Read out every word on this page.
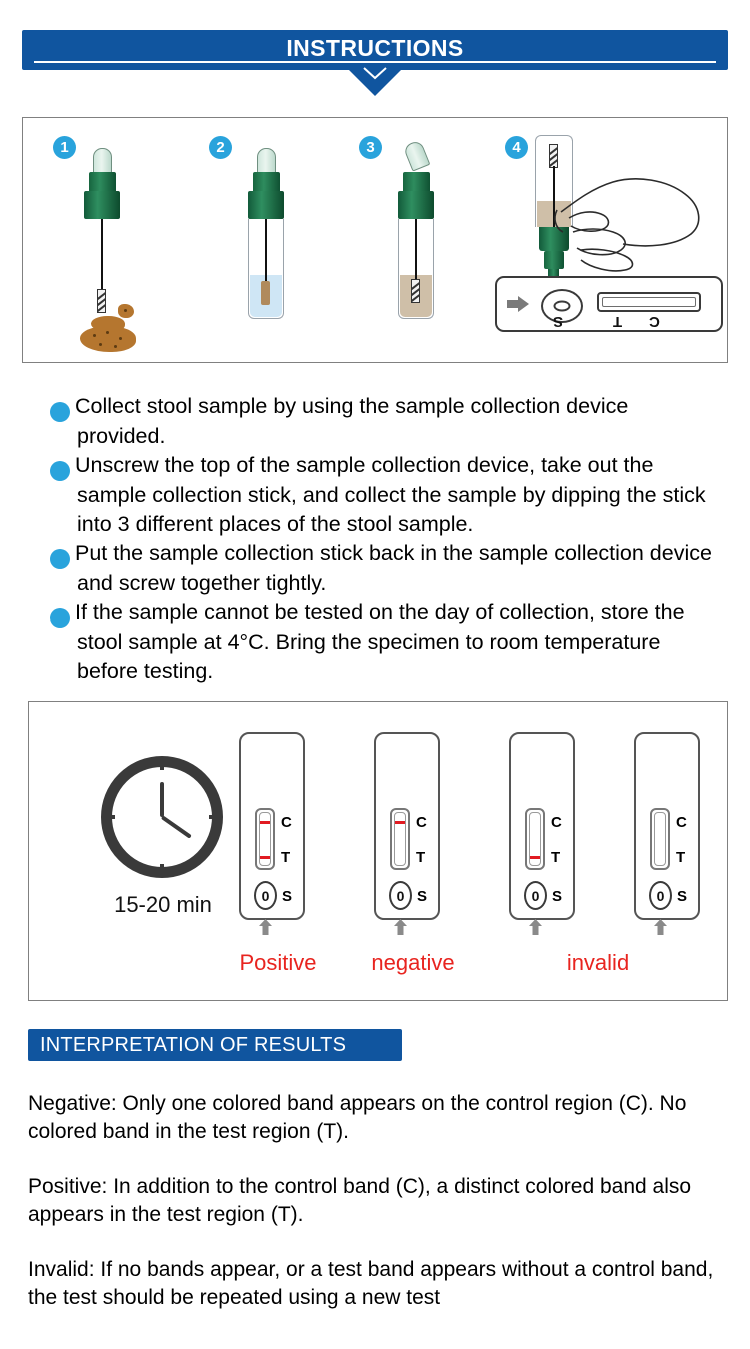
INSTRUCTIONS
1	2	3	4
S	T C

1 Collect stool sample by using the sample collection device provided.

2 Unscrew the top of the sample collection device, take out the sample collection stick, and collect the sample by dipping the stick into 3 different places of the stool sample.

3 Put the sample collection stick back in the sample collection device and screw together tightly.

4 If the sample cannot be tested on the day of collection, store the stool sample at 4°C. Bring the specimen to room temperature before testing.

15-20 min
C
T
0 S
C
T
0 S
C
T
0 S
C
T
0 S
Positive	negative	invalid
INTERPRETATION OF RESULTS
Negative: Only one colored band appears on the control region (C). No colored band in the test region (T).
Positive: In addition to the control band (C), a distinct colored band also appears in the test region (T).
Invalid: If no bands appear, or a test band appears without a control band, the test should be repeated using a new test
